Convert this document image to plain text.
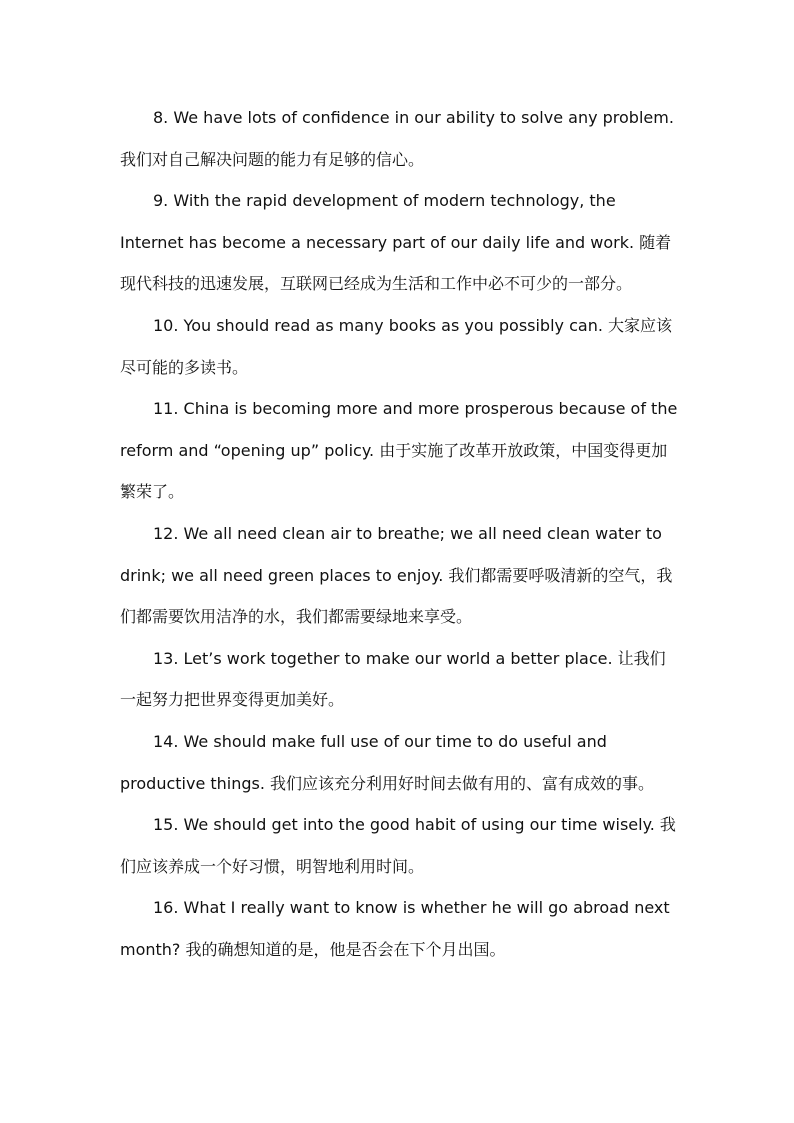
8. We have lots of confidence in our ability to solve any problem. 我们对自己解决问题的能力有足够的信心。

9. With the rapid development of modern technology, the Internet has become a necessary part of our daily life and work. 随着现代科技的迅速发展，互联网已经成为生活和工作中必不可少的一部分。

10. You should read as many books as you possibly can. 大家应该尽可能的多读书。

11. China is becoming more and more prosperous because of the reform and “opening up” policy. 由于实施了改革开放政策，中国变得更加繁荣了。

12. We all need clean air to breathe; we all need clean water to drink; we all need green places to enjoy. 我们都需要呼吸清新的空气，我们都需要饮用洁净的水，我们都需要绿地来享受。

13. Let’s work together to make our world a better place. 让我们一起努力把世界变得更加美好。

14. We should make full use of our time to do useful and productive things. 我们应该充分利用好时间去做有用的、富有成效的事。

15. We should get into the good habit of using our time wisely. 我们应该养成一个好习惯，明智地利用时间。

16. What I really want to know is whether he will go abroad next month? 我的确想知道的是，他是否会在下个月出国。
